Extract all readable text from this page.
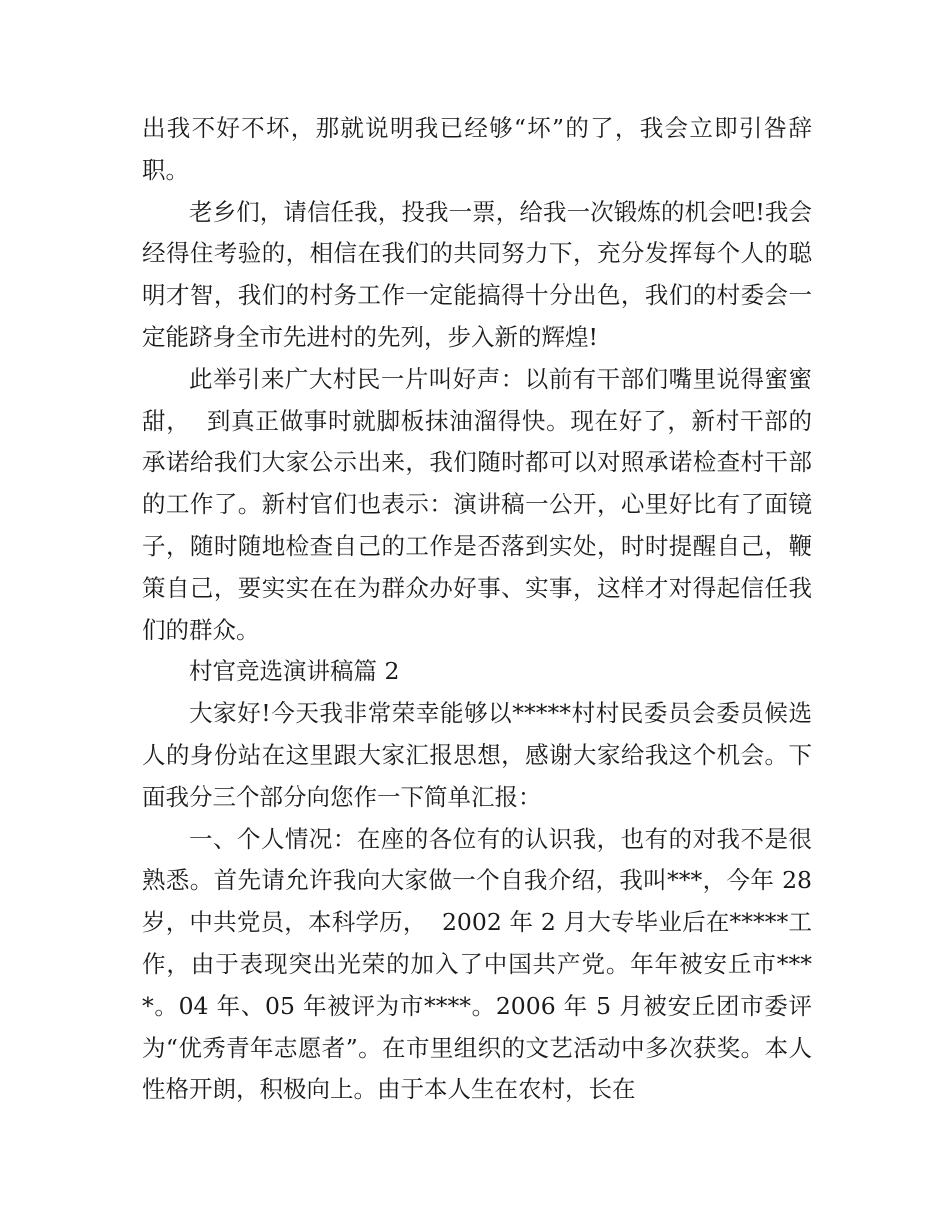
出我不好不坏，那就说明我已经够“坏”的了，我会立即引咎辞职。

老乡们，请信任我，投我一票，给我一次锻炼的机会吧!我会经得住考验的，相信在我们的共同努力下，充分发挥每个人的聪明才智，我们的村务工作一定能搞得十分出色，我们的村委会一定能跻身全市先进村的先列，步入新的辉煌!

此举引来广大村民一片叫好声：以前有干部们嘴里说得蜜蜜甜，  到真正做事时就脚板抹油溜得快。现在好了，新村干部的承诺给我们大家公示出来，我们随时都可以对照承诺检查村干部的工作了。新村官们也表示：演讲稿一公开，心里好比有了面镜子，随时随地检查自己的工作是否落到实处，时时提醒自己，鞭策自己，要实实在在为群众办好事、实事，这样才对得起信任我们的群众。

村官竞选演讲稿篇 2

大家好!今天我非常荣幸能够以*****村村民委员会委员候选人的身份站在这里跟大家汇报思想，感谢大家给我这个机会。下面我分三个部分向您作一下简单汇报：

一、个人情况：在座的各位有的认识我，也有的对我不是很熟悉。首先请允许我向大家做一个自我介绍，我叫***，今年 28 岁，中共党员，本科学历，  2002 年 2 月大专毕业后在*****工作，由于表现突出光荣的加入了中国共产党。年年被安丘市****。04 年、05 年被评为市****。2006 年 5 月被安丘团市委评为“优秀青年志愿者”。在市里组织的文艺活动中多次获奖。本人性格开朗，积极向上。由于本人生在农村，长在
